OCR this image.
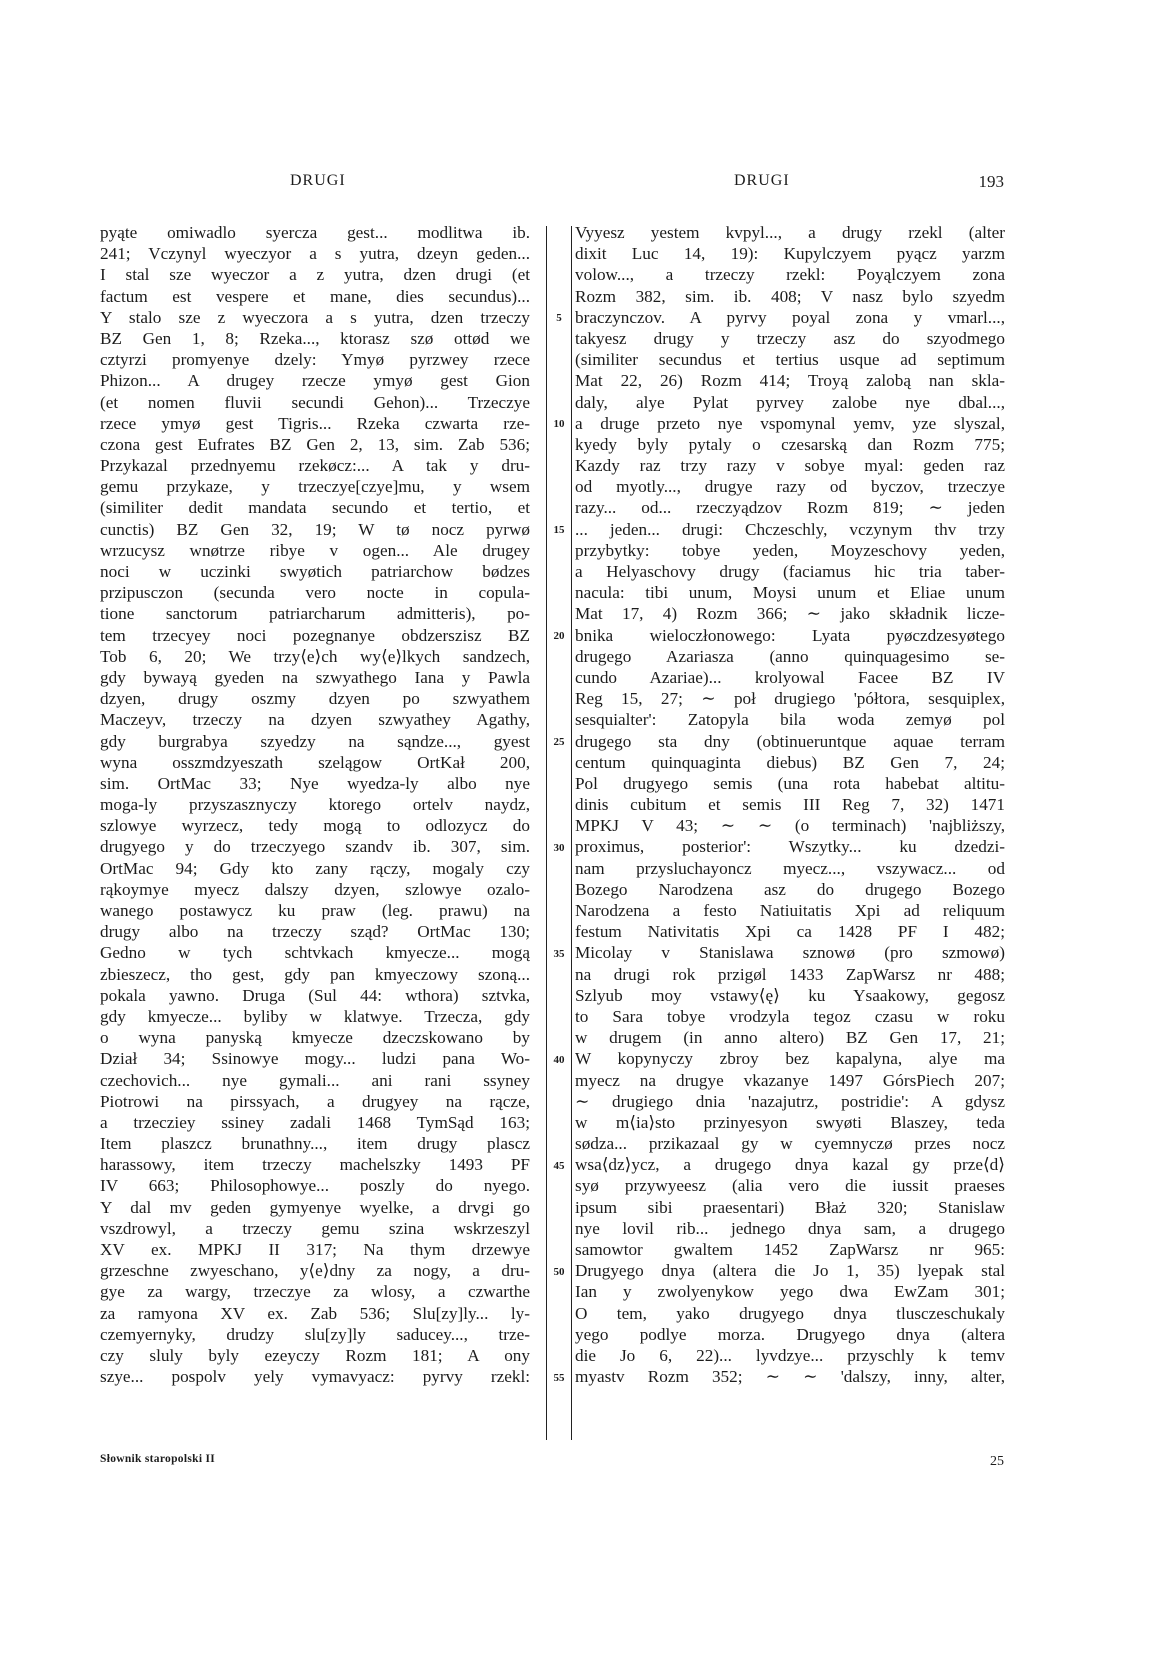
DRUGI	DRUGI	193
pyąte omiwadlo syercza gest... modlitwa ib.
241; Vczynyl wyeczyor a s yutra, dzeyn geden...
I stal sze wyeczor a z yutra, dzen drugi (et
factum est vespere et mane, dies secundus)...
Y stalo sze z wyeczora a s yutra, dzen trzeczy
BZ Gen 1, 8; Rzeka..., ktorasz szø ottød we
cztyrzi promyenye dzely: Ymyø pyrzwey rzece
Phizon... A drugey rzecze ymyø gest Gion
(et nomen fluvii secundi Gehon)... Trzeczye
rzece ymyø gest Tigris... Rzeka czwarta rze-
czona gest Eufrates BZ Gen 2, 13, sim. Zab 536;
Przykazal przednyemu rzekøcz:... A tak y dru-
gemu przykaze, y trzeczye[czye]mu, y wsem
(similiter dedit mandata secundo et tertio, et
cunctis) BZ Gen 32, 19; W tø nocz pyrwø
wrzucysz wnøtrze ribye v ogen... Ale drugey
noci w uczinki swyøtich patriarchow bødzes
przipusczon (secunda vero nocte in copula-
tione sanctorum patriarcharum admitteris), po-
tem trzecyey noci pozegnanye obdzerszisz BZ
Tob 6, 20; We trzy⟨e⟩ch wy⟨e⟩lkych sandzech,
gdy bywayą gyeden na szwyathego Iana y Pawla
dzyen, drugy oszmy dzyen po szwyathem
Maczeyv, trzeczy na dzyen szwyathey Agathy,
gdy burgrabya szyedzy na sąndze..., gyest
wyna osszmdzyeszath szelągow OrtKał 200,
sim. OrtMac 33; Nye wyedza-ly albo nye
moga-ly przyszasznyczy ktorego ortelv naydz,
szlowye wyrzecz, tedy mogą to odlozycz do
drugyego y do trzeczyego szandv ib. 307, sim.
OrtMac 94; Gdy kto zany rączy, mogaly czy
rąkoymye myecz dalszy dzyen, szlowye ozalo-
wanego postawycz ku praw (leg. prawu) na
drugy albo na trzeczy sząd? OrtMac 130;
Gedno w tych schtvkach kmyecze... mogą
zbieszecz, tho gest, gdy pan kmyeczowy szoną...
pokala yawno. Druga (Sul 44: wthora) sztvka,
gdy kmyecze... byliby w klatwye. Trzecza, gdy
o wyna panyską kmyecze dzeczskowano by
Dział 34; Ssinowye mogy... ludzi pana Wo-
czechovich... nye gymali... ani rani ssyney
Piotrowi na pirssyach, a drugyey na rącze,
a trzecziey ssiney zadali 1468 TymSąd 163;
Item plaszcz brunathny..., item drugy plascz
harassowy, item trzeczy machelszky 1493 PF
IV 663; Philosophowye... poszly do nyego.
Y dal mv geden gymyenye wyelke, a drvgi go
vszdrowyl, a trzeczy gemu szina wskrzeszyl
XV ex. MPKJ II 317; Na thym drzewye
grzeschne zwyeschano, y⟨e⟩dny za nogy, a dru-
gye za wargy, trzeczye za wlosy, a czwarthe
za ramyona XV ex. Zab 536; Slu[zy]ly... ly-
czemyernyky, drudzy slu[zy]ly saducey..., trze-
czy sluly byly ezeyczy Rozm 181; A ony
szye... pospolv yely vymavyacz: pyrvy rzekl:
5
10
15
20
25
30
35
40
45
50
55
Vyyesz yestem kvpyl..., a drugy rzekl (alter
dixit Luc 14, 19): Kupylczyem pyącz yarzm
volow..., a trzeczy rzekl: Poyąlczyem zona
Rozm 382, sim. ib. 408; V nasz bylo szyedm
braczynczov. A pyrvy poyal zona y vmarl...,
takyesz drugy y trzeczy asz do szyodmego
(similiter secundus et tertius usque ad septimum
Mat 22, 26) Rozm 414; Troyą zalobą nan skla-
daly, alye Pylat pyrvey zalobe nye dbal...,
a druge przeto nye vspomynal yemv, yze slyszal,
kyedy byly pytaly o czesarską dan Rozm 775;
Kazdy raz trzy razy v sobye myal: geden raz
od myotly..., drugye razy od byczov, trzeczye
razy... od... rzeczyądzov Rozm 819; ∼ jeden
... jeden... drugi: Chczeschly, vczynym thv trzy
przybytky: tobye yeden, Moyzeschovy yeden,
a Helyaschovy drugy (faciamus hic tria taber-
nacula: tibi unum, Moysi unum et Eliae unum
Mat 17, 4) Rozm 366; ∼ jako składnik licze-
bnika wieloczłonowego: Lyata pyøczdzesyøtego
drugego Azariasza (anno quinquagesimo se-
cundo Azariae)... krolyowal Facee BZ IV
Reg 15, 27; ∼ poł drugiego 'półtora, sesquiplex,
sesquialter': Zatopyla bila woda zemyø pol
drugego sta dny (obtinueruntque aquae terram
centum quinquaginta diebus) BZ Gen 7, 24;
Pol drugyego semis (una rota habebat altitu-
dinis cubitum et semis III Reg 7, 32) 1471
MPKJ V 43; ∼ ∼ (o terminach) 'najbliższy,
proximus, posterior': Wszytky... ku dzedzi-
nam przysluchayoncz myecz..., vszywacz... od
Bozego Narodzena asz do drugego Bozego
Narodzena a festo Natiuitatis Xpi ad reliquum
festum Nativitatis Xpi ca 1428 PF I 482;
Micolay v Stanislawa sznowø (pro szmowø)
na drugi rok przigøl 1433 ZapWarsz nr 488;
Szlyub moy vstawy⟨ę⟩ ku Ysaakowy, gegosz
to Sara tobye vrodzyla tegoz czasu w roku
w drugem (in anno altero) BZ Gen 17, 21;
W kopynyczy zbroy bez kapalyna, alye ma
myecz na drugye vkazanye 1497 GórsPiech 207;
∼ drugiego dnia 'nazajutrz, postridie': A gdysz
w m⟨ia⟩sto przinyesyon swyøti Blaszey, teda
sødza... przikazaal gy w cyemnyczø przes nocz
wsa⟨dz⟩ycz, a drugego dnya kazal gy prze⟨d⟩
syø przywyeesz (alia vero die iussit praeses
ipsum sibi praesentari) Błaż 320; Stanislaw
nye lovil rib... jednego dnya sam, a drugego
samowtor gwaltem 1452 ZapWarsz nr 965:
Drugyego dnya (altera die Jo 1, 35) lyepak stal
Ian y zwolyenykow yego dwa EwZam 301;
O tem, yako drugyego dnya tlusczeschukaly
yego podlye morza. Drugyego dnya (altera
die Jo 6, 22)... lyvdzye... przyschly k temv
myastv Rozm 352; ∼ ∼ 'dalszy, inny, alter,
Słownik staropolski II	25
